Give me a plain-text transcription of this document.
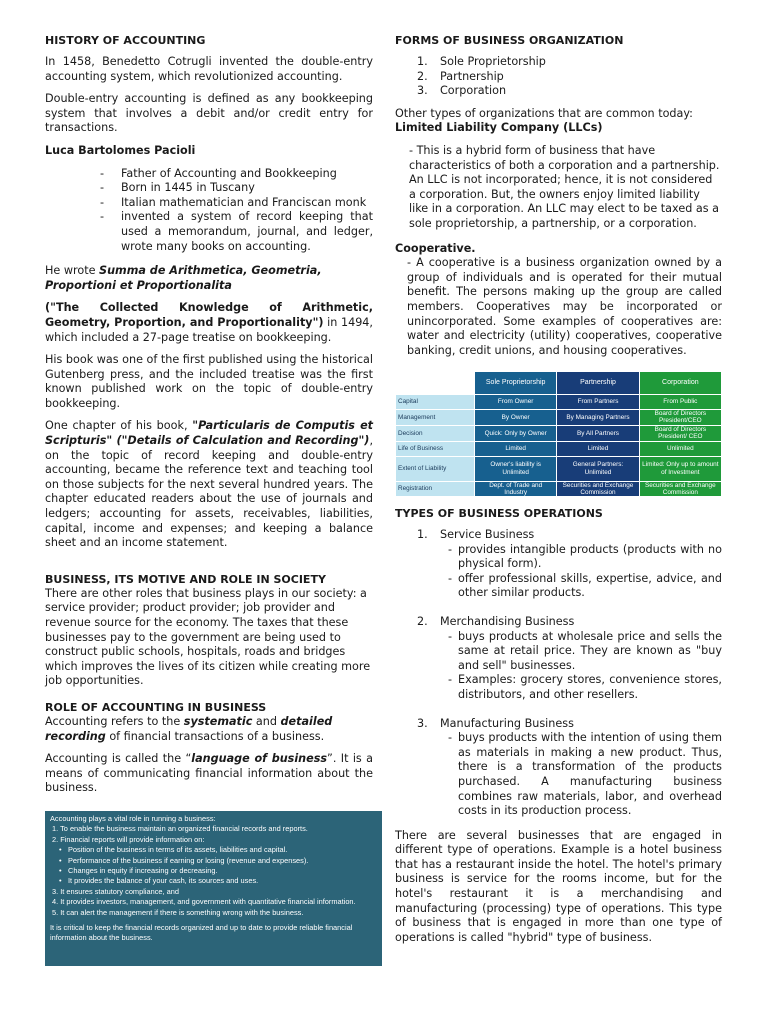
HISTORY OF ACCOUNTING

In 1458, Benedetto Cotrugli invented the double-entry accounting system, which revolutionized accounting.

Double-entry accounting is defined as any bookkeeping system that involves a debit and/or credit entry for transactions.

Luca Bartolomes Pacioli

- Father of Accounting and Bookkeeping
- Born in 1445 in Tuscany
- Italian mathematician and Franciscan monk
- invented a system of record keeping that used a memorandum, journal, and ledger, wrote many books on accounting.

He wrote Summa de Arithmetica, Geometria, Proportioni et Proportionalita

("The Collected Knowledge of Arithmetic, Geometry, Proportion, and Proportionality") in 1494, which included a 27-page treatise on bookkeeping.

His book was one of the first published using the historical Gutenberg press, and the included treatise was the first known published work on the topic of double-entry bookkeeping.

One chapter of his book, "Particularis de Computis et Scripturis" ("Details of Calculation and Recording"), on the topic of record keeping and double-entry accounting, became the reference text and teaching tool on those subjects for the next several hundred years. The chapter educated readers about the use of journals and ledgers; accounting for assets, receivables, liabilities, capital, income and expenses; and keeping a balance sheet and an income statement.

BUSINESS, ITS MOTIVE AND ROLE IN SOCIETY

There are other roles that business plays in our society: a service provider; product provider; job provider and revenue source for the economy. The taxes that these businesses pay to the government are being used to construct public schools, hospitals, roads and bridges which improves the lives of its citizen while creating more job opportunities.

ROLE OF ACCOUNTING IN BUSINESS

Accounting refers to the systematic and detailed recording of financial transactions of a business.

Accounting is called the “language of business”. It is a means of communicating financial information about the business.

Accounting plays a vital role in running a business:
1. To enable the business maintain an organized financial records and reports.
2. Financial reports will provide information on:
• Position of the business in terms of its assets, liabilities and capital.
• Performance of the business if earning or losing (revenue and expenses).
• Changes in equity if increasing or decreasing.
• It provides the balance of your cash, its sources and uses.
3. It ensures statutory compliance, and
4. It provides investors, management, and government with quantitative financial information.
5. It can alert the management if there is something wrong with the business.
It is critical to keep the financial records organized and up to date to provide reliable financial information about the business.
FORMS OF BUSINESS ORGANIZATION
1. Sole Proprietorship
2. Partnership
3. Corporation

Other types of organizations that are common today:

Limited Liability Company (LLCs)

- This is a hybrid form of business that have characteristics of both a corporation and a partnership. An LLC is not incorporated; hence, it is not considered a corporation. But, the owners enjoy limited liability like in a corporation. An LLC may elect to be taxed as a sole proprietorship, a partnership, or a corporation.

Cooperative.

- A cooperative is a business organization owned by a group of individuals and is operated for their mutual benefit. The persons making up the group are called members. Cooperatives may be incorporated or unincorporated. Some examples of cooperatives are: water and electricity (utility) cooperatives, cooperative banking, credit unions, and housing cooperatives.

	Sole Proprietorship	Partnership	Corporation
Capital	From Owner	From Partners	From Public
Management	By Owner	By Managing Partners	Board of Directors President/CEO
Decision	Quick: Only by Owner	By All Partners	Board of Directors President/ CEO
Life of Business	Limited	Limited	Unlimited
Extent of Liability	Owner's liability is Unlimited	General Partners: Unlimited	Limited: Only up to amount of Investment
Registration	Dept. of Trade and Industry	Securities and Exchange Commission	Securities and Exchange Commission
TYPES OF BUSINESS OPERATIONS
1. Service Business
- provides intangible products (products with no physical form).
- offer professional skills, expertise, advice, and other similar products.
2. Merchandising Business
- buys products at wholesale price and sells the same at retail price. They are known as "buy and sell" businesses.
- Examples: grocery stores, convenience stores, distributors, and other resellers.
3. Manufacturing Business
- buys products with the intention of using them as materials in making a new product. Thus, there is a transformation of the products purchased. A manufacturing business combines raw materials, labor, and overhead costs in its production process.

There are several businesses that are engaged in different type of operations. Example is a hotel business that has a restaurant inside the hotel. The hotel's primary business is service for the rooms income, but for the hotel's restaurant it is a merchandising and manufacturing (processing) type of operations. This type of business that is engaged in more than one type of operations is called "hybrid" type of business.
